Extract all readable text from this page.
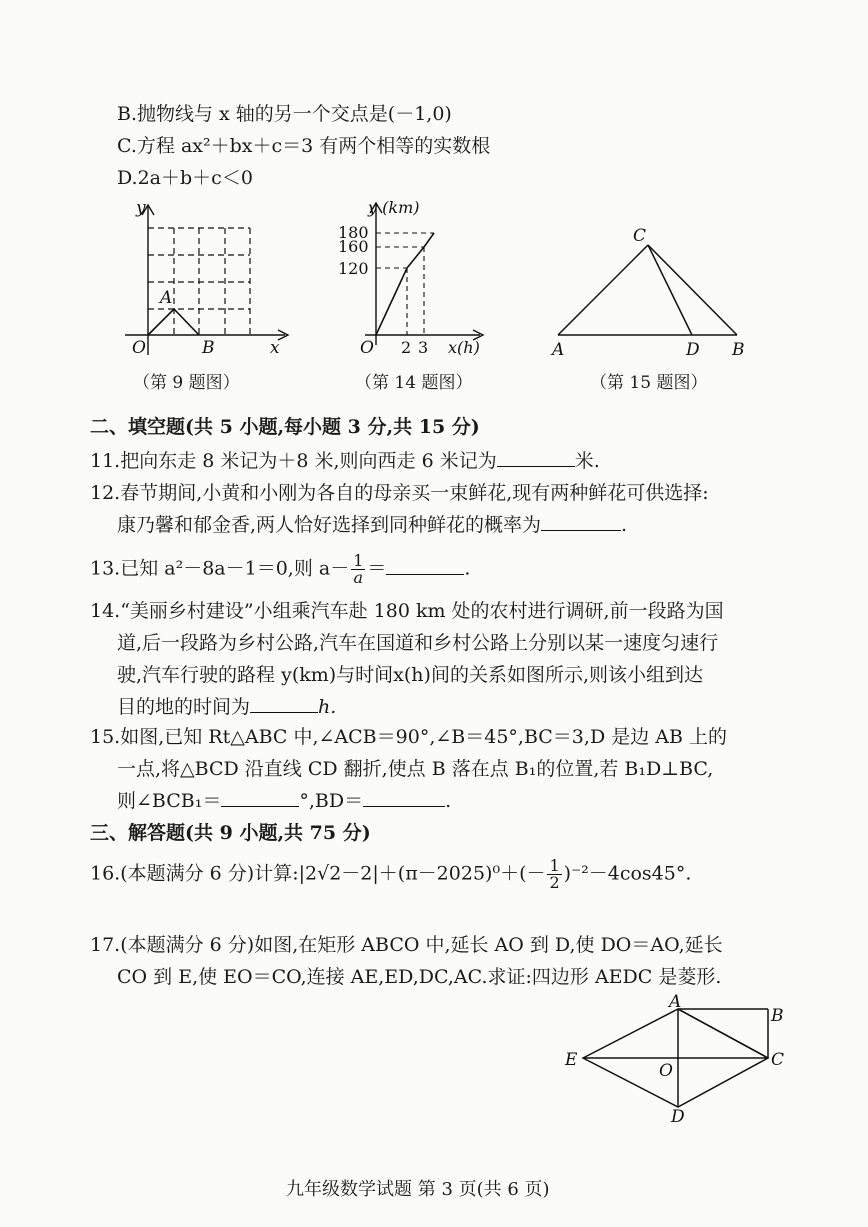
B.抛物线与 x 轴的另一个交点是(－1,0)
C.方程 ax²＋bx＋c＝3 有两个相等的实数根
D.2a＋b＋c＜0
y
x
O
A
B
（第 9 题图）
y (km)
180
160
120
O 2 3 x(h)
（第 14 题图）
C
A	D B
（第 15 题图）
二、填空题(共 5 小题,每小题 3 分,共 15 分)
11.把向东走 8 米记为＋8 米,则向西走 6 米记为	米.
12.春节期间,小黄和小刚为各自的母亲买一束鲜花,现有两种鲜花可供选择:
康乃馨和郁金香,两人恰好选择到同种鲜花的概率为	.
13.已知 a²－8a－1＝0,则 $a- \frac{1}{a}$ ＝	.
14.“美丽乡村建设”小组乘汽车赴 180 km 处的农村进行调研,前一段路为国
道,后一段路为乡村公路,汽车在国道和乡村公路上分别以某一速度匀速行
驶,汽车行驶的路程 y(km)与时间x(h)间的关系如图所示,则该小组到达
目的地的时间为	h.
15.如图,已知 Rt△ABC 中,∠ACB＝90°,∠B＝45°,BC＝3,D 是边 AB 上的
一点,将△BCD 沿直线 CD 翻折,使点 B 落在点 B₁的位置,若 B₁D⊥BC,
则∠BCB₁＝	°,BD＝	.
三、解答题(共 9 小题,共 75 分)
16.(本题满分 6 分)计算:|2√2－2|＋(π－2025)⁰＋(－ $\frac{1}{2} )^{-2}-4\cos 45^\circ$.
17.(本题满分 6 分)如图,在矩形 ABCO 中,延长 AO 到 D,使 DO＝AO,延长
CO 到 E,使 EO＝CO,连接 AE,ED,DC,AC.求证:四边形 AEDC 是菱形.
A
B
C
D
E
O
九年级数学试题 第 3 页(共 6 页)
